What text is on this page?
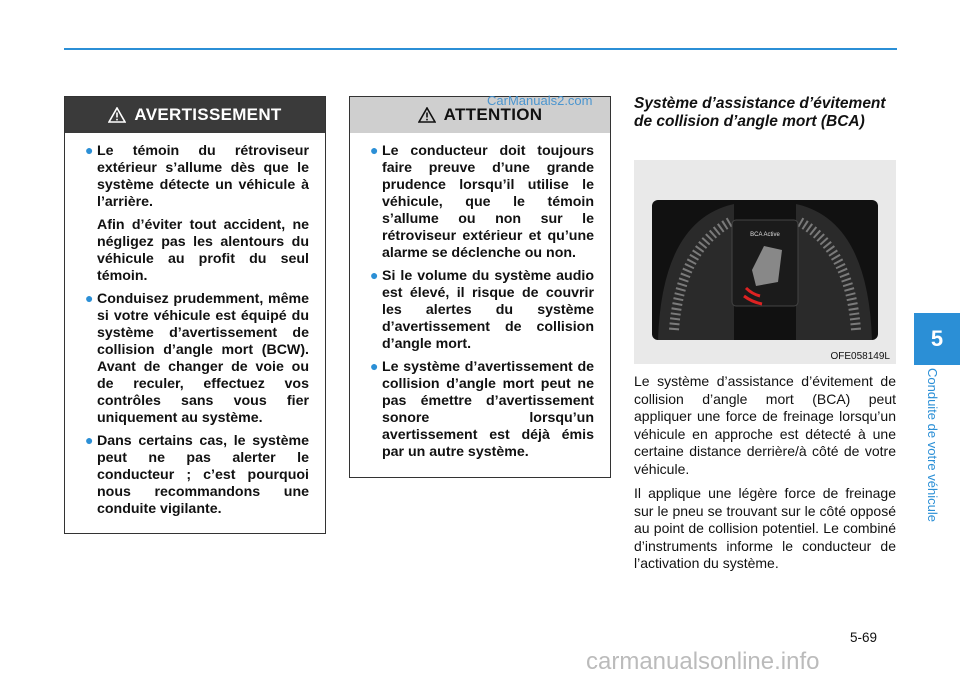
AVERTISSEMENT
● Le témoin du rétroviseur extérieur s’allume dès que le système détecte un véhicule à l’arrière.
Afin d’éviter tout accident, ne négligez pas les alentours du véhicule au profit du seul témoin.
● Conduisez prudemment, même si votre véhicule est équipé du système d’avertissement de collision d’angle mort (BCW). Avant de changer de voie ou de reculer, effectuez vos contrôles sans vous fier uniquement au système.
● Dans certains cas, le système peut ne pas alerter le conducteur ; c’est pourquoi nous recommandons une conduite vigilante.
ATTENTION
● Le conducteur doit toujours faire preuve d’une grande prudence lorsqu’il utilise le véhicule, que le témoin s’allume ou non sur le rétroviseur extérieur et qu’une alarme se déclenche ou non.
● Si le volume du système audio est élevé, il risque de couvrir les alertes du système d’avertissement de collision d’angle mort.
● Le système d’avertissement de collision d’angle mort peut ne pas émettre d’avertissement sonore lorsqu’un avertissement est déjà émis par un autre système.
CarManuals2.com	Système d’assistance d’évitement de collision d’angle mort (BCA)
BCA Active
OFE058149L

Le système d’assistance d’évitement de collision d’angle mort (BCA) peut appliquer une force de freinage lorsqu’un véhicule en approche est détecté à une certaine distance derrière/à côté de votre véhicule.

Il applique une légère force de freinage sur le pneu se trouvant sur le côté opposé au point de collision potentiel. Le combiné d’instruments informe le conducteur de l’activation du système.

5
Conduite de votre véhicule
5-69
carmanualsonline.info
